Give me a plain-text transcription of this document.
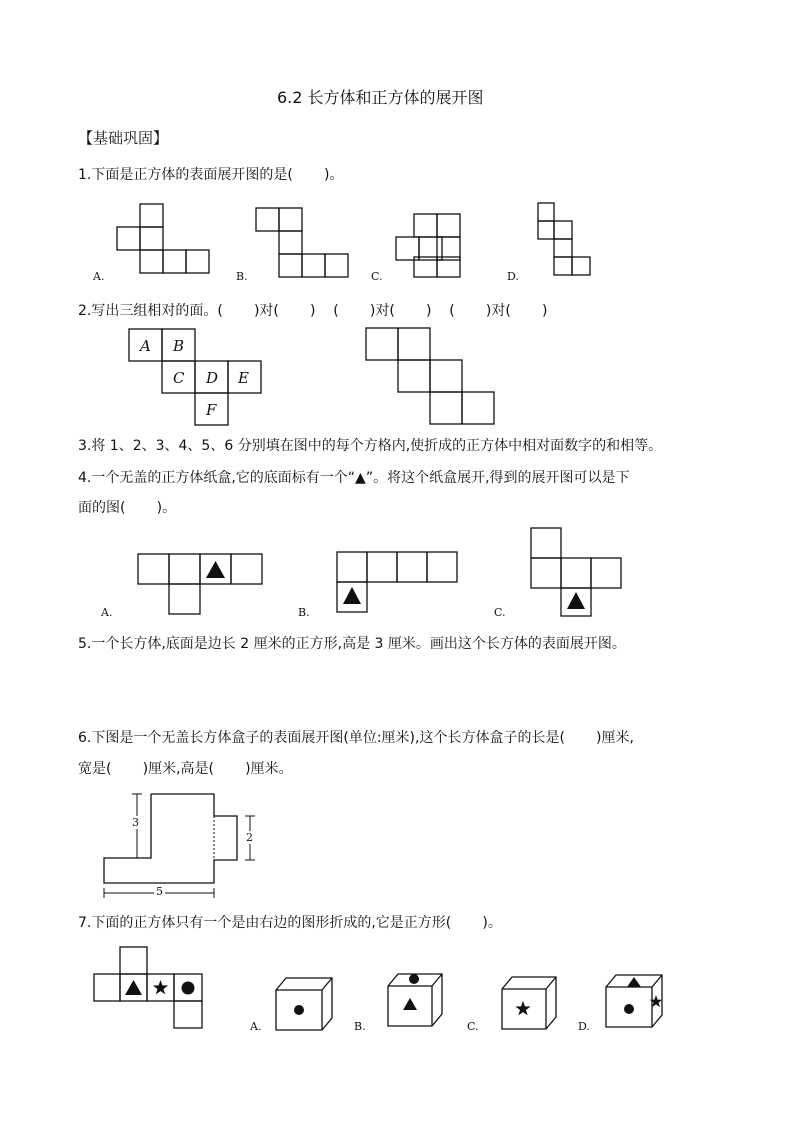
6.2 长方体和正方体的展开图
【基础巩固】
1.下面是正方体的表面展开图的是(       )。
A.	B.	C.	D.
2.写出三组相对的面。(       )对(       )    (       )对(       )    (       )对(       )
A B
C D E
F
3.将 1、2、3、4、5、6 分别填在图中的每个方格内,使折成的正方体中相对面数字的和相等。
4.一个无盖的正方体纸盒,它的底面标有一个“▲”。将这个纸盒展开,得到的展开图可以是下
面的图(       )。
A.	B.	C.
5.一个长方体,底面是边长 2 厘米的正方形,高是 3 厘米。画出这个长方体的表面展开图。
6.下图是一个无盖长方体盒子的表面展开图(单位:厘米),这个长方体盒子的长是(       )厘米,
宽是(       )厘米,高是(       )厘米。
3
2
5
7.下面的正方体只有一个是由右边的图形折成的,它是正方形(       )。
A.	B.	C.	D.
